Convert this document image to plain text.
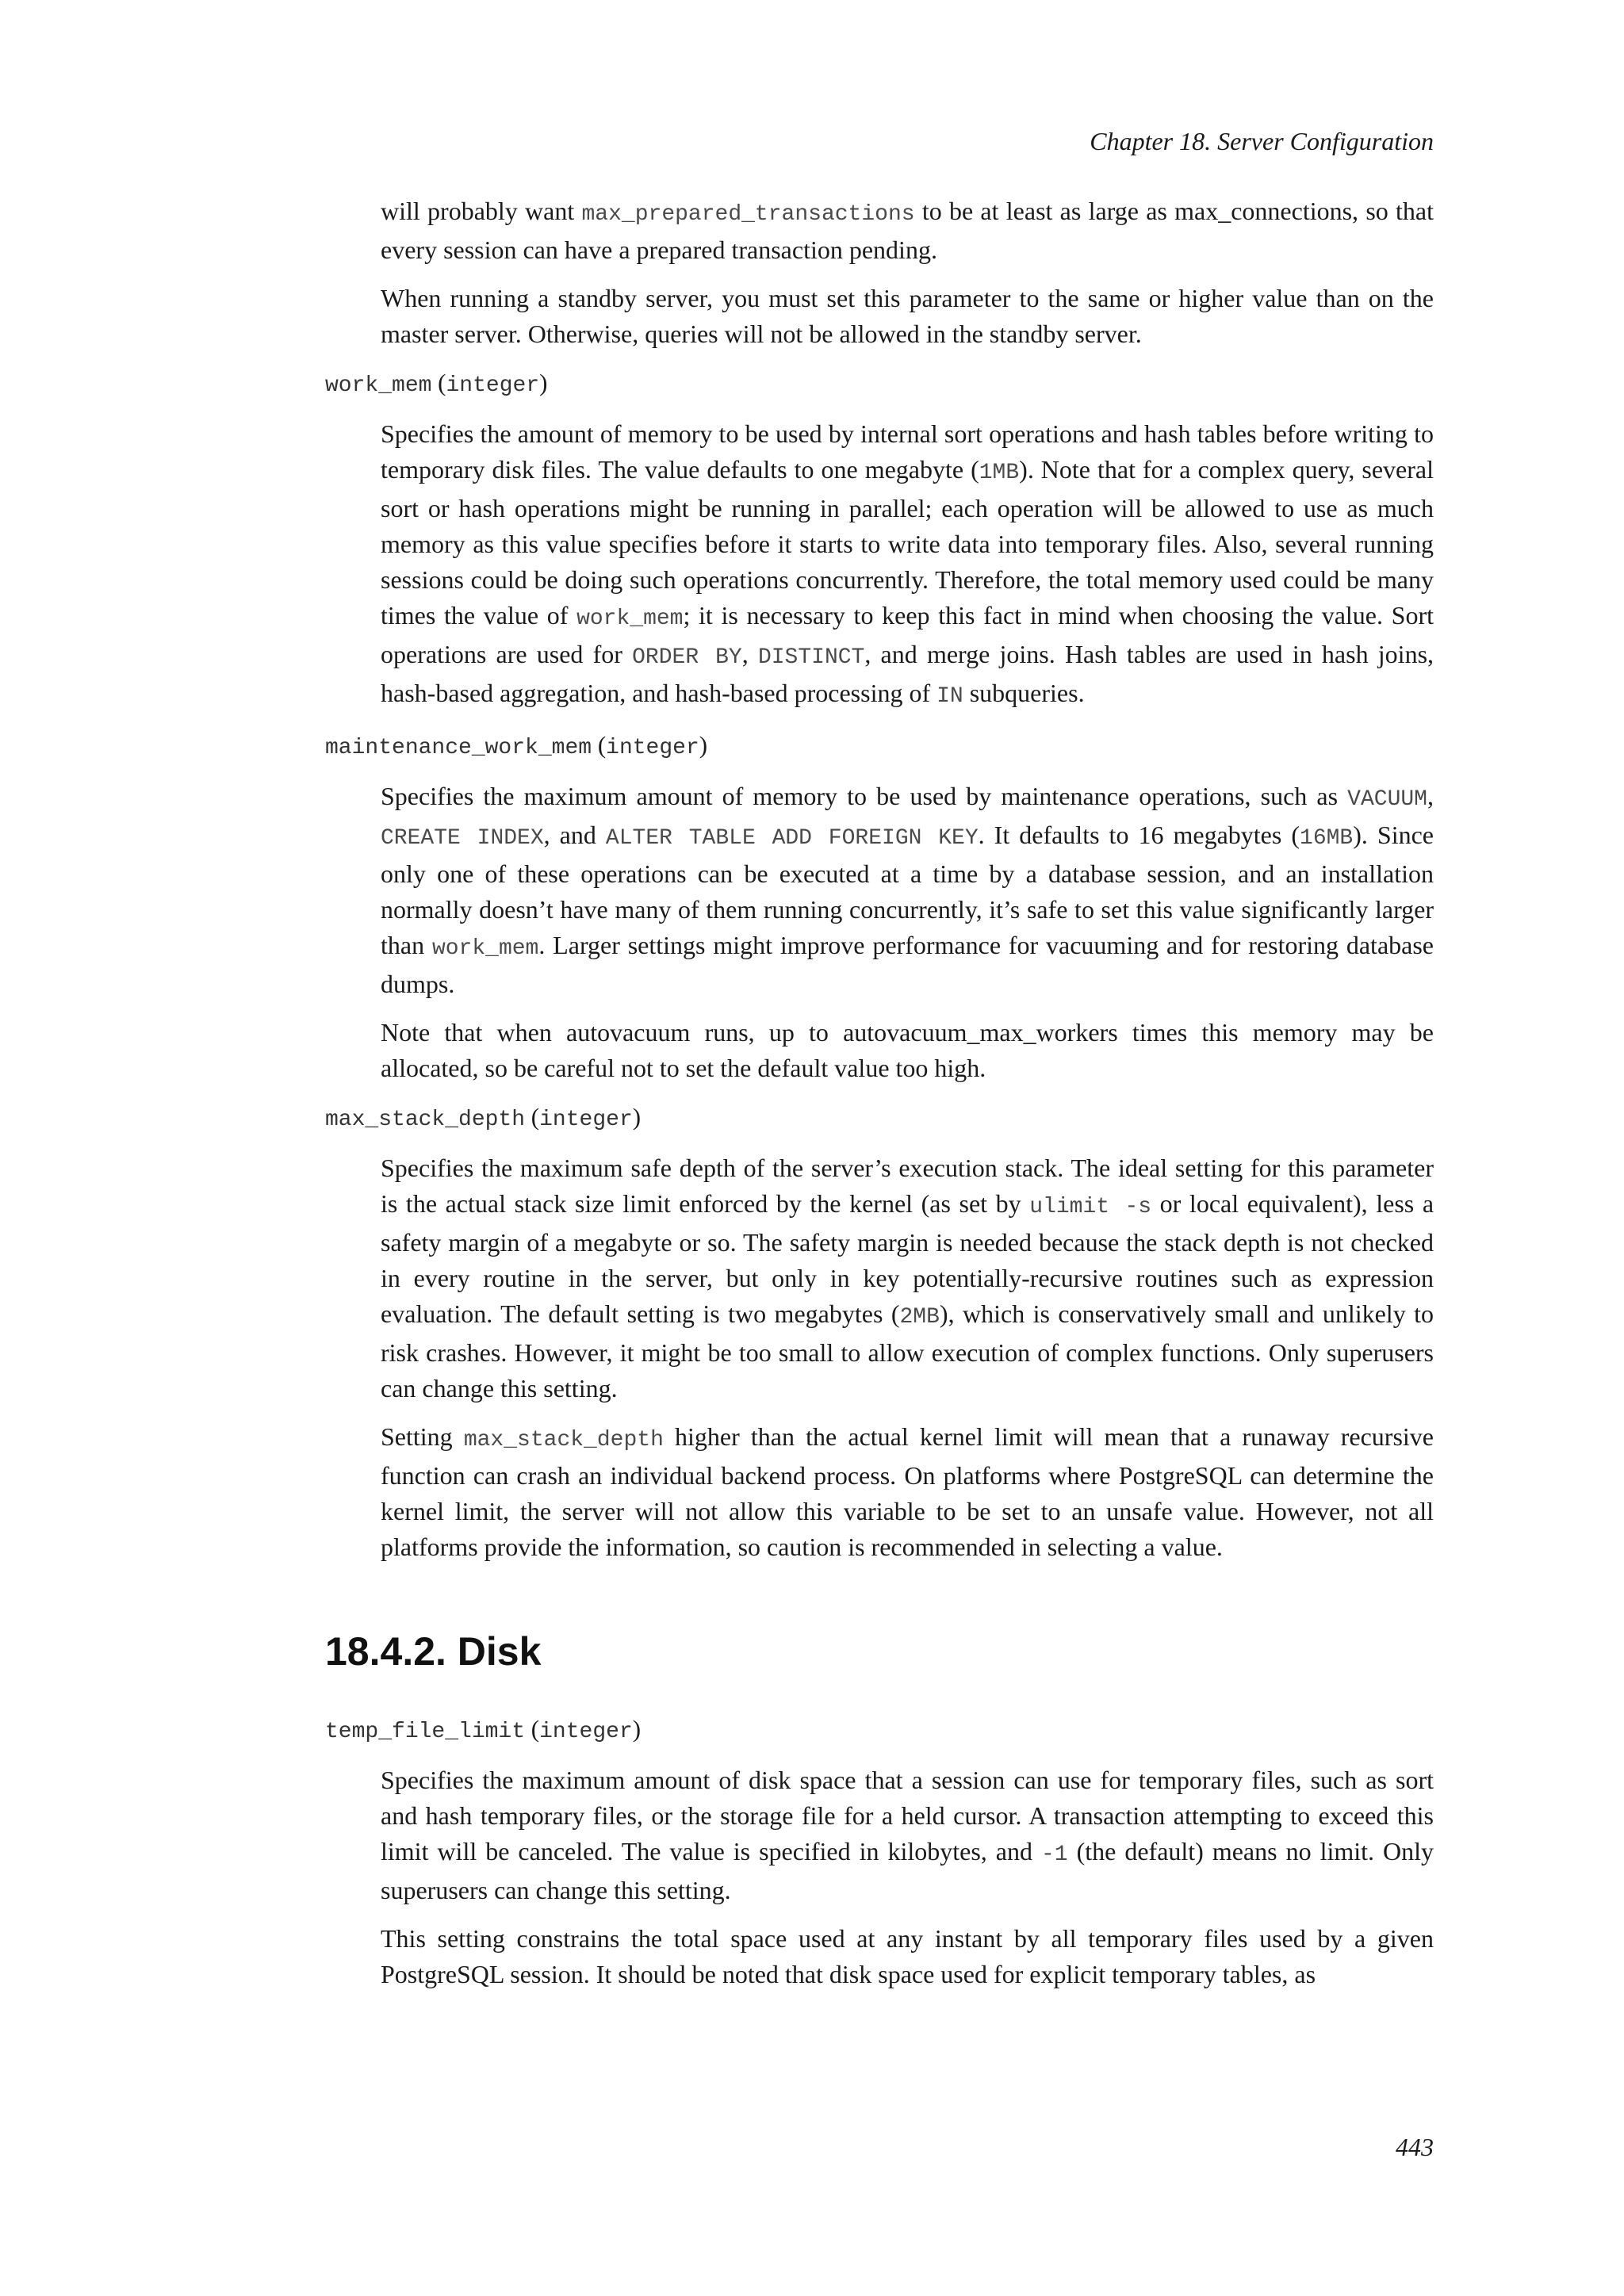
Chapter 18. Server Configuration

will probably want max_prepared_transactions to be at least as large as max_connections, so that every session can have a prepared transaction pending.

When running a standby server, you must set this parameter to the same or higher value than on the master server. Otherwise, queries will not be allowed in the standby server.

work_mem (integer)

Specifies the amount of memory to be used by internal sort operations and hash tables before writing to temporary disk files. The value defaults to one megabyte (1MB). Note that for a complex query, several sort or hash operations might be running in parallel; each operation will be allowed to use as much memory as this value specifies before it starts to write data into temporary files. Also, several running sessions could be doing such operations concurrently. Therefore, the total memory used could be many times the value of work_mem; it is necessary to keep this fact in mind when choosing the value. Sort operations are used for ORDER BY, DISTINCT, and merge joins. Hash tables are used in hash joins, hash-based aggregation, and hash-based processing of IN subqueries.

maintenance_work_mem (integer)

Specifies the maximum amount of memory to be used by maintenance operations, such as VACUUM, CREATE INDEX, and ALTER TABLE ADD FOREIGN KEY. It defaults to 16 megabytes (16MB). Since only one of these operations can be executed at a time by a database session, and an installation normally doesn’t have many of them running concurrently, it’s safe to set this value significantly larger than work_mem. Larger settings might improve performance for vacuuming and for restoring database dumps.

Note that when autovacuum runs, up to autovacuum_max_workers times this memory may be allocated, so be careful not to set the default value too high.

max_stack_depth (integer)

Specifies the maximum safe depth of the server’s execution stack. The ideal setting for this parameter is the actual stack size limit enforced by the kernel (as set by ulimit -s or local equivalent), less a safety margin of a megabyte or so. The safety margin is needed because the stack depth is not checked in every routine in the server, but only in key potentially-recursive routines such as expression evaluation. The default setting is two megabytes (2MB), which is conservatively small and unlikely to risk crashes. However, it might be too small to allow execution of complex functions. Only superusers can change this setting.

Setting max_stack_depth higher than the actual kernel limit will mean that a runaway recursive function can crash an individual backend process. On platforms where PostgreSQL can determine the kernel limit, the server will not allow this variable to be set to an unsafe value. However, not all platforms provide the information, so caution is recommended in selecting a value.

18.4.2. Disk
temp_file_limit (integer)

Specifies the maximum amount of disk space that a session can use for temporary files, such as sort and hash temporary files, or the storage file for a held cursor. A transaction attempting to exceed this limit will be canceled. The value is specified in kilobytes, and -1 (the default) means no limit. Only superusers can change this setting.

This setting constrains the total space used at any instant by all temporary files used by a given PostgreSQL session. It should be noted that disk space used for explicit temporary tables, as

443
